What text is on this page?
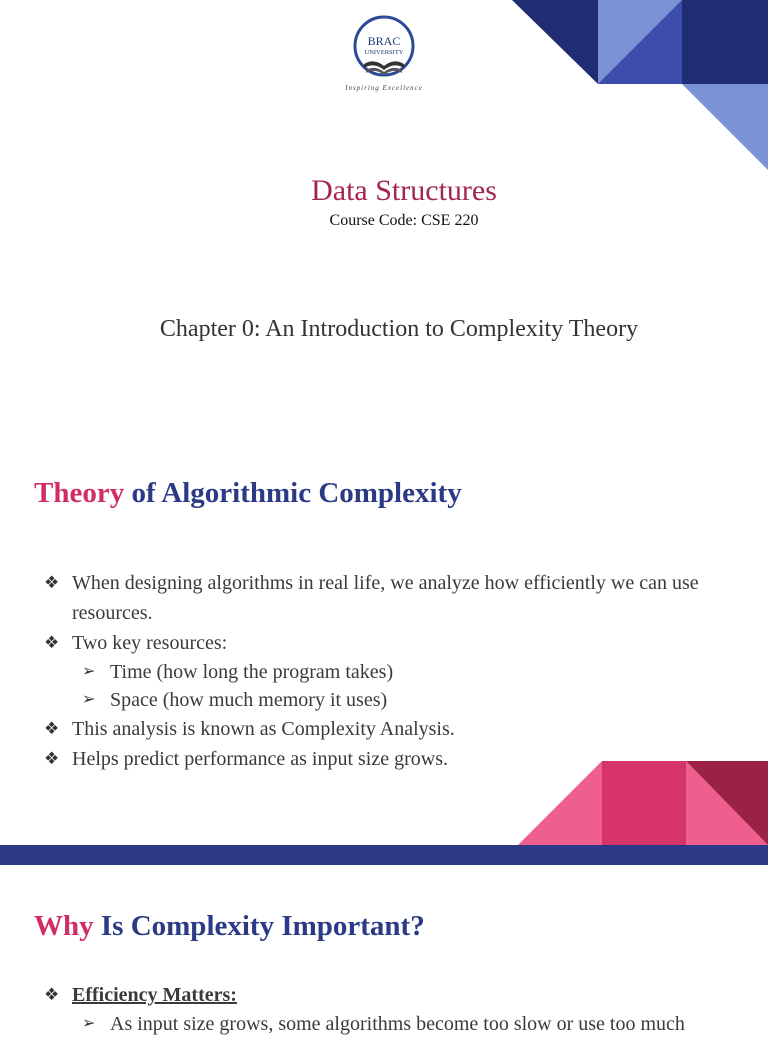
BRAC
UNIVERSITY
Inspiring Excellence
Data Structures
Course Code: CSE 220
Chapter 0: An Introduction to Complexity Theory
Theory of Algorithmic Complexity
❖ When designing algorithms in real life, we analyze how efficiently we can use resources.
❖ Two key resources:
➢ Time (how long the program takes)
➢ Space (how much memory it uses)
❖ This analysis is known as Complexity Analysis.
❖ Helps predict performance as input size grows.
Why Is Complexity Important?
❖ Efficiency Matters:
➢ As input size grows, some algorithms become too slow or use too much
